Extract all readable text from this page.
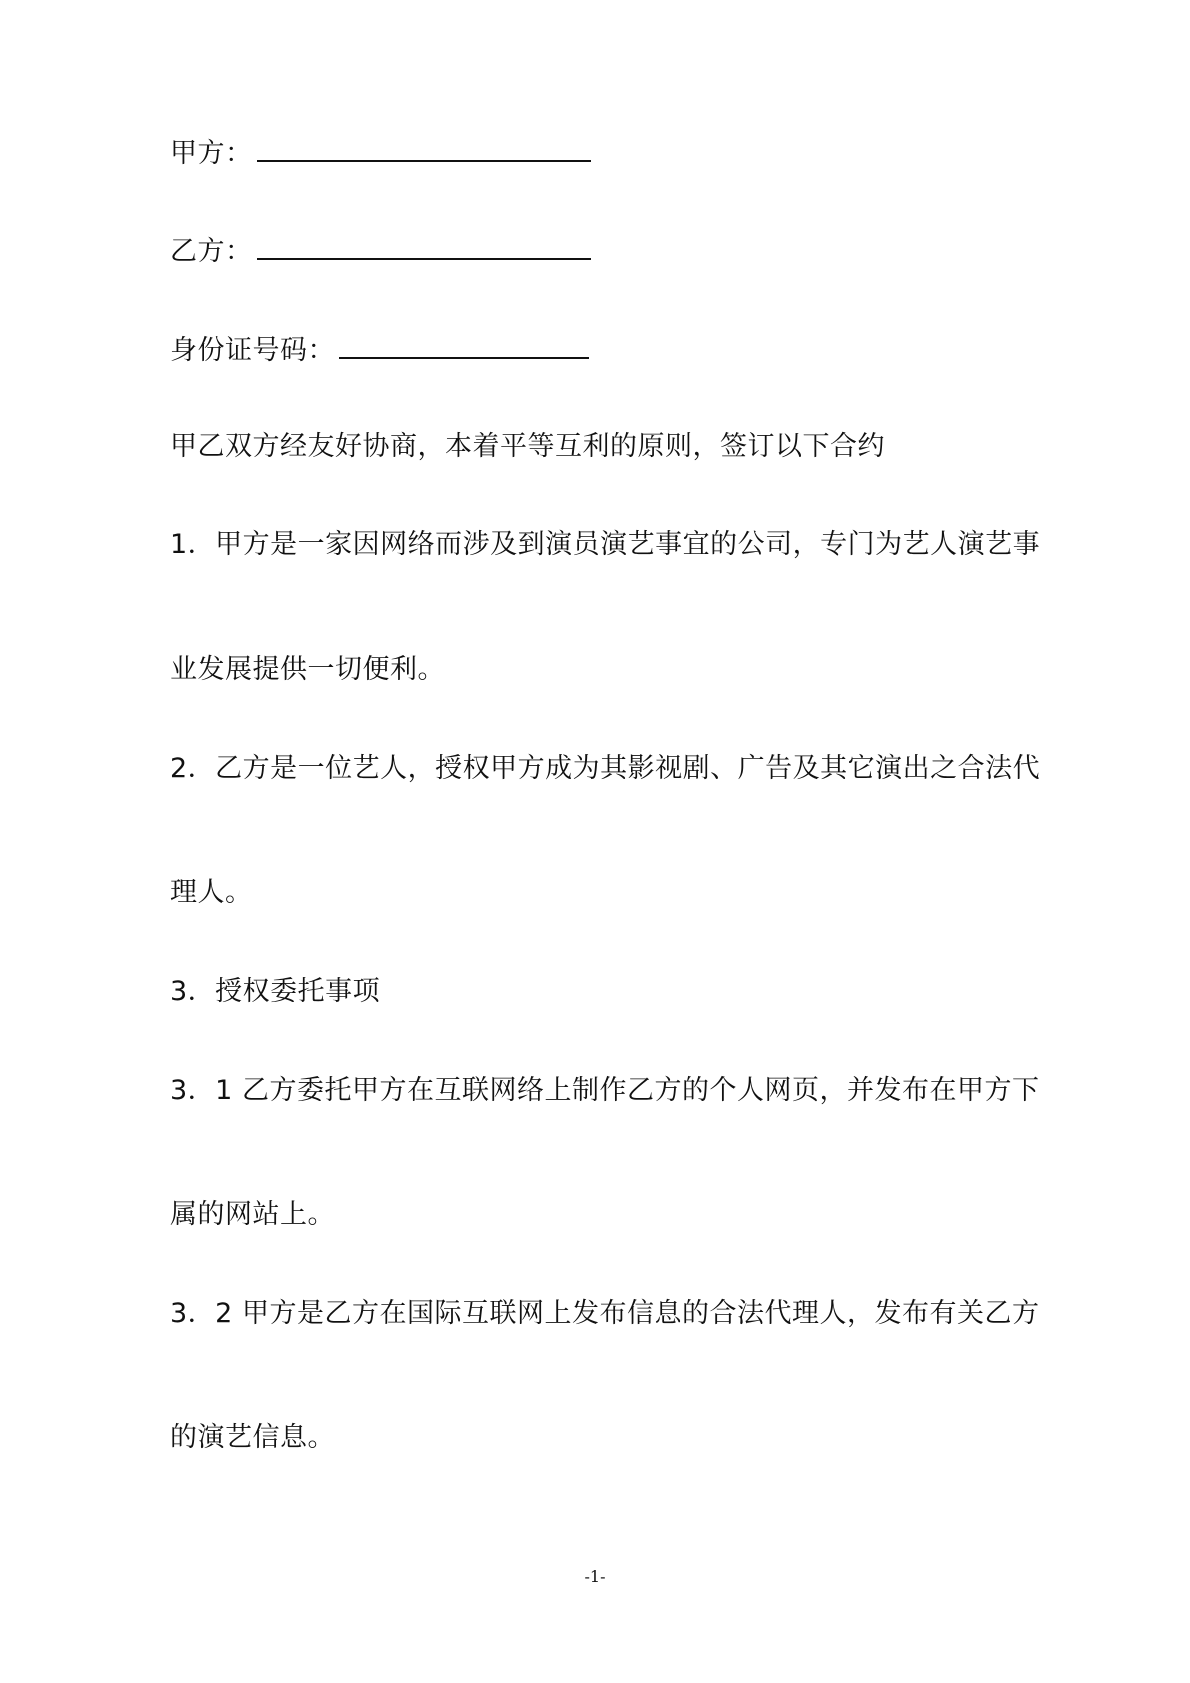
甲方：
乙方：
身份证号码：
甲乙双方经友好协商，本着平等互利的原则，签订以下合约
1．甲方是一家因网络而涉及到演员演艺事宜的公司，专门为艺人演艺事
业发展提供一切便利。
2．乙方是一位艺人，授权甲方成为其影视剧、广告及其它演出之合法代
理人。
3．授权委托事项
3．1 乙方委托甲方在互联网络上制作乙方的个人网页，并发布在甲方下
属的网站上。
3．2 甲方是乙方在国际互联网上发布信息的合法代理人，发布有关乙方
的演艺信息。
-1-
